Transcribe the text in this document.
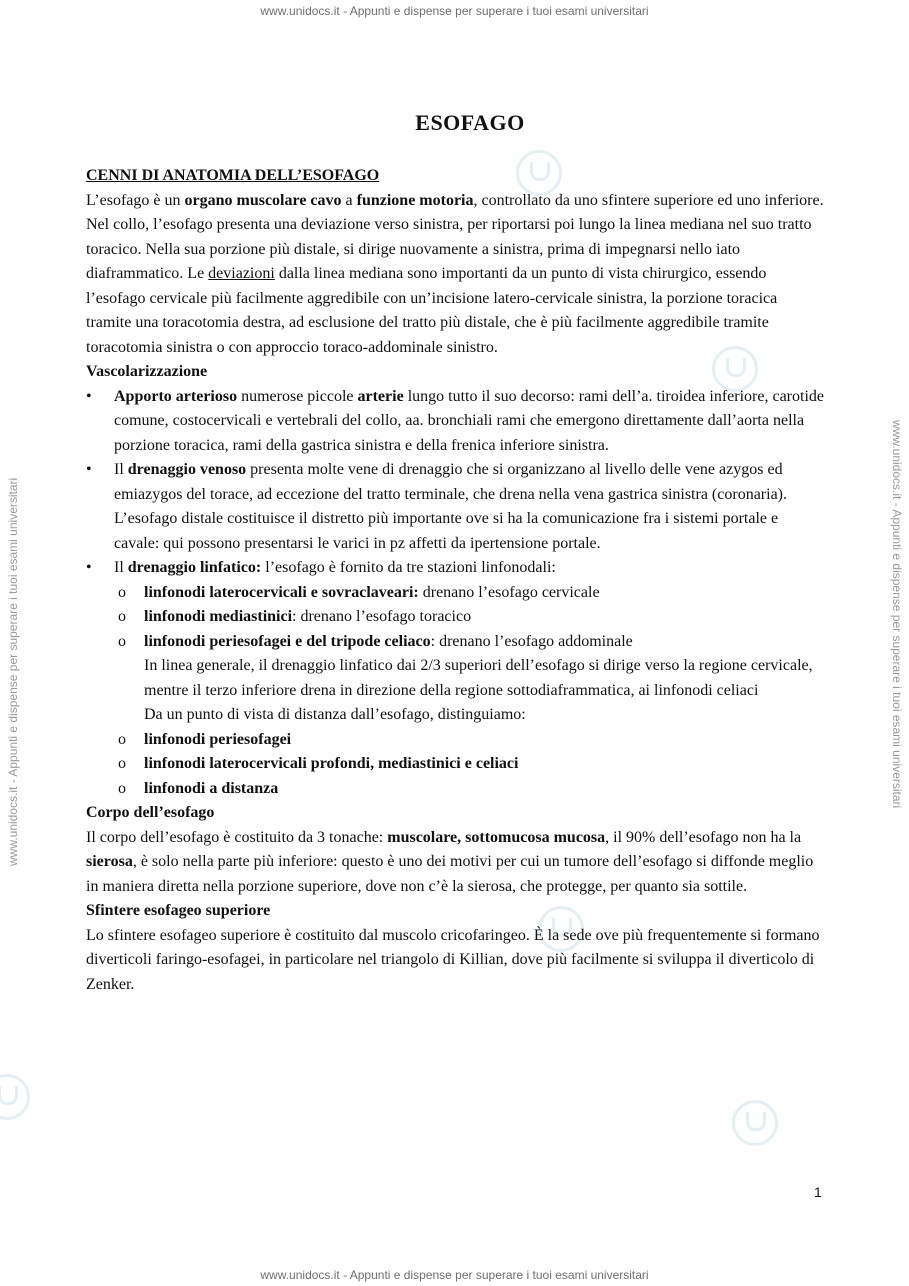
www.unidocs.it - Appunti e dispense per superare i tuoi esami universitari
www.unidocs.it - Appunti e dispense per superare i tuoi esami universitari
www.unidocs.it - Appunti e dispense per superare i tuoi esami universitari	www.unidocs.it - Appunti e dispense per superare i tuoi esami universitari
ESOFAGO

CENNI DI ANATOMIA DELL’ESOFAGO

L’esofago è un organo muscolare cavo a funzione motoria, controllato da uno sfintere superiore ed uno inferiore.

Nel collo, l’esofago presenta una deviazione verso sinistra, per riportarsi poi lungo la linea mediana nel suo tratto toracico. Nella sua porzione più distale, si dirige nuovamente a sinistra, prima di impegnarsi nello iato diaframmatico. Le deviazioni dalla linea mediana sono importanti da un punto di vista chirurgico, essendo l’esofago cervicale più facilmente aggredibile con un’incisione latero-cervicale sinistra, la porzione toracica tramite una toracotomia destra, ad esclusione del tratto più distale, che è più facilmente aggredibile tramite toracotomia sinistra o con approccio toraco-addominale sinistro.

Vascolarizzazione

• Apporto arterioso numerose piccole arterie lungo tutto il suo decorso: rami dell’a. tiroidea inferiore, carotide comune, costocervicali e vertebrali del collo, aa. bronchiali rami che emergono direttamente dall’aorta nella porzione toracica, rami della gastrica sinistra e della frenica inferiore sinistra.
• Il drenaggio venoso presenta molte vene di drenaggio che si organizzano al livello delle vene azygos ed emiazygos del torace, ad eccezione del tratto terminale, che drena nella vena gastrica sinistra (coronaria). L’esofago distale costituisce il distretto più importante ove si ha la comunicazione fra i sistemi portale e cavale: qui possono presentarsi le varici in pz affetti da ipertensione portale.
• Il drenaggio linfatico: l’esofago è fornito da tre stazioni linfonodali:
o linfonodi laterocervicali e sovraclaveari: drenano l’esofago cervicale
o linfonodi mediastinici: drenano l’esofago toracico
o linfonodi periesofagei e del tripode celiaco: drenano l’esofago addominale

In linea generale, il drenaggio linfatico dai 2/3 superiori dell’esofago si dirige verso la regione cervicale, mentre il terzo inferiore drena in direzione della regione sottodiaframmatica, ai linfonodi celiaci

Da un punto di vista di distanza dall’esofago, distinguiamo:

o linfonodi periesofagei
o linfonodi laterocervicali profondi, mediastinici e celiaci
o linfonodi a distanza

Corpo dell’esofago

Il corpo dell’esofago è costituito da 3 tonache: muscolare, sottomucosa mucosa, il 90% dell’esofago non ha la sierosa, è solo nella parte più inferiore: questo è uno dei motivi per cui un tumore dell’esofago si diffonde meglio in maniera diretta nella porzione superiore, dove non c’è la sierosa, che protegge, per quanto sia sottile.

Sfintere esofageo superiore

Lo sfintere esofageo superiore è costituito dal muscolo cricofaringeo. È la sede ove più frequentemente si formano diverticoli faringo-esofagei, in particolare nel triangolo di Killian, dove più facilmente si sviluppa il diverticolo di Zenker.

1
